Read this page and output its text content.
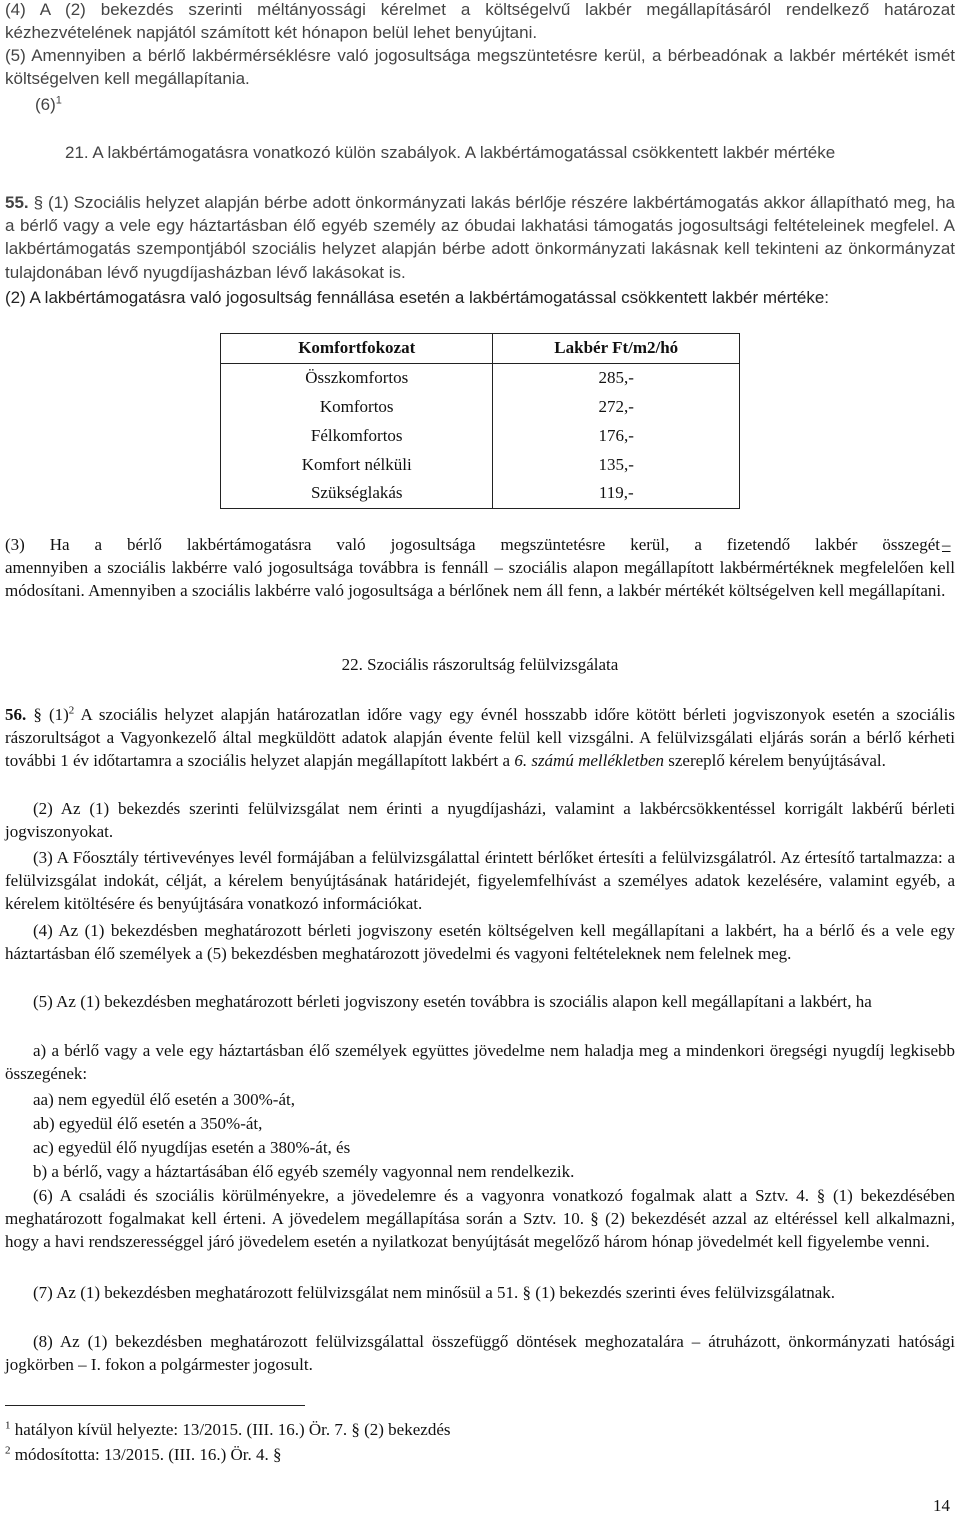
(4) A (2) bekezdés szerinti méltányossági kérelmet a költségelvű lakbér megállapításáról rendelkező határozat kézhezvételének napjától számított két hónapon belül lehet benyújtani.

(5) Amennyiben a bérlő lakbérmérséklésre való jogosultsága megszüntetésre kerül, a bérbeadónak a lakbér mértékét ismét költségelven kell megállapítania.

$(6)^1$

21. A lakbértámogatásra vonatkozó külön szabályok. A lakbértámogatással csökkentett lakbér mértéke

55. § (1) Szociális helyzet alapján bérbe adott önkormányzati lakás bérlője részére lakbértámogatás akkor állapítható meg, ha a bérlő vagy a vele egy háztartásban élő egyéb személy az óbudai lakhatási támogatás jogosultsági feltételeinek megfelel. A lakbértámogatás szempontjából szociális helyzet alapján bérbe adott önkormányzati lakásnak kell tekinteni az önkormányzat tulajdonában lévő nyugdíjasházban lévő lakásokat is.

(2) A lakbértámogatásra való jogosultság fennállása esetén a lakbértámogatással csökkentett lakbér mértéke:

Komfortfokozat	Lakbér Ft/m2/hó
Összkomfortos	285,-
Komfortos	272,-
Félkomfortos	176,-
Komfort nélküli	135,-
Szükséglakás	119,-

(3) Ha a bérlő lakbértámogatásra való jogosultsága megszüntetésre kerül, a fizetendő lakbér összegét –

amennyiben a szociális lakbérre való jogosultsága továbbra is fennáll – szociális alapon megállapított lakbérmértéknek megfelelően kell módosítani. Amennyiben a szociális lakbérre való jogosultsága a bérlőnek nem áll fenn, a lakbér mértékét költségelven kell megállapítani.

22. Szociális rászorultság felülvizsgálata

56. § $(1)^2$ A szociális helyzet alapján határozatlan időre vagy egy évnél hosszabb időre kötött bérleti jogviszonyok esetén a szociális rászorultságot a Vagyonkezelő által megküldött adatok alapján évente felül kell vizsgálni. A felülvizsgálati eljárás során a bérlő kérheti további 1 év időtartamra a szociális helyzet alapján megállapított lakbért a 6. számú mellékletben szereplő kérelem benyújtásával.

(2) Az (1) bekezdés szerinti felülvizsgálat nem érinti a nyugdíjasházi, valamint a lakbércsökkentéssel korrigált lakbérű bérleti jogviszonyokat.

(3) A Főosztály tértivevényes levél formájában a felülvizsgálattal érintett bérlőket értesíti a felülvizsgálatról. Az értesítő tartalmazza: a felülvizsgálat indokát, célját, a kérelem benyújtásának határidejét, figyelemfelhívást a személyes adatok kezelésére, valamint egyéb, a kérelem kitöltésére és benyújtására vonatkozó információkat.

(4) Az (1) bekezdésben meghatározott bérleti jogviszony esetén költségelven kell megállapítani a lakbért, ha a bérlő és a vele egy háztartásban élő személyek a (5) bekezdésben meghatározott jövedelmi és vagyoni feltételeknek nem felelnek meg.

(5) Az (1) bekezdésben meghatározott bérleti jogviszony esetén továbbra is szociális alapon kell megállapítani a lakbért, ha

a) a bérlő vagy a vele egy háztartásban élő személyek együttes jövedelme nem haladja meg a mindenkori öregségi nyugdíj legkisebb összegének:

aa) nem egyedül élő esetén a 300%-át,

ab) egyedül élő esetén a 350%-át,

ac) egyedül élő nyugdíjas esetén a 380%-át, és

b) a bérlő, vagy a háztartásában élő egyéb személy vagyonnal nem rendelkezik.

(6) A családi és szociális körülményekre, a jövedelemre és a vagyonra vonatkozó fogalmak alatt a Sztv. 4. § (1) bekezdésében meghatározott fogalmakat kell érteni. A jövedelem megállapítása során a Sztv. 10. § (2) bekezdését azzal az eltéréssel kell alkalmazni, hogy a havi rendszerességgel járó jövedelem esetén a nyilatkozat benyújtását megelőző három hónap jövedelmét kell figyelembe venni.

(7) Az (1) bekezdésben meghatározott felülvizsgálat nem minősül a 51. § (1) bekezdés szerinti éves felülvizsgálatnak.

(8) Az (1) bekezdésben meghatározott felülvizsgálattal összefüggő döntések meghozatalára – átruházott, önkormányzati hatósági jogkörben – I. fokon a polgármester jogosult.

$^1$ hatályon kívül helyezte: 13/2015. (III. 16.) Ör. 7. § (2) bekezdés

$^2$ módosította: 13/2015. (III. 16.) Ör. 4. §

14
